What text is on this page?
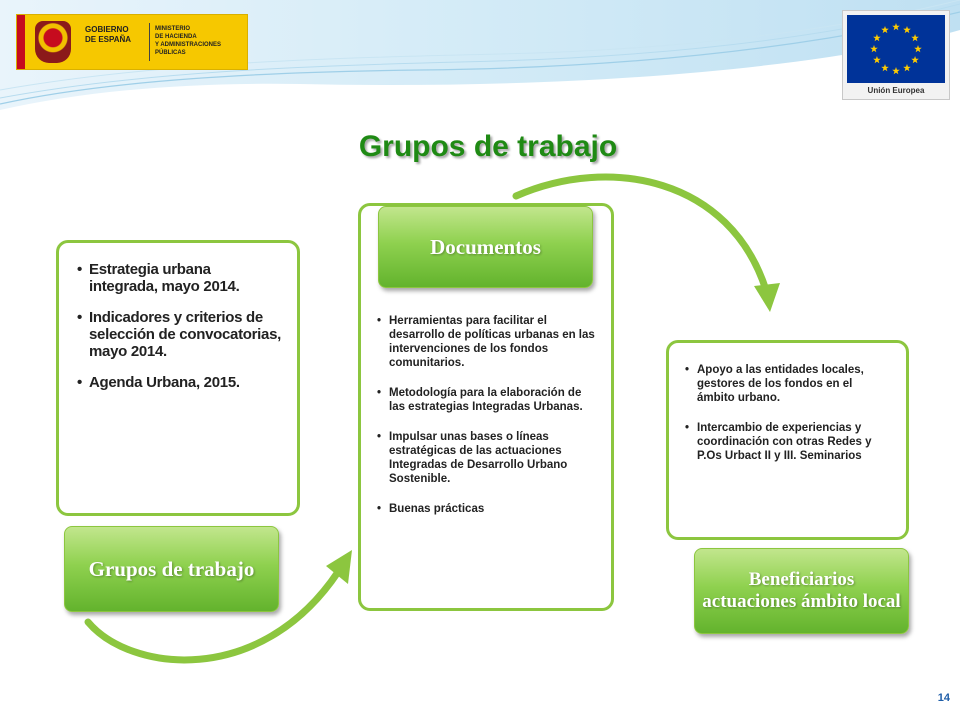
GOBIERNO
DE ESPAÑA
MINISTERIO
DE HACIENDA
Y ADMINISTRACIONES PÚBLICAS
Unión Europea
Grupos de trabajo
• Estrategia urbana integrada, mayo 2014.
• Indicadores y criterios de selección de convocatorias, mayo 2014.
• Agenda Urbana, 2015.
• Herramientas para facilitar el desarrollo de políticas urbanas en las intervenciones de los fondos comunitarios.
• Metodología para la elaboración de las estrategias Integradas Urbanas.
• Impulsar unas bases o líneas estratégicas de las actuaciones Integradas de Desarrollo Urbano Sostenible.
• Buenas prácticas
• Apoyo a las entidades locales, gestores de los fondos en el ámbito urbano.
• Intercambio de experiencias y coordinación con otras Redes y P.Os Urbact II y III. Seminarios
Grupos de trabajo
Documentos
Beneficiarios actuaciones ámbito local
14
